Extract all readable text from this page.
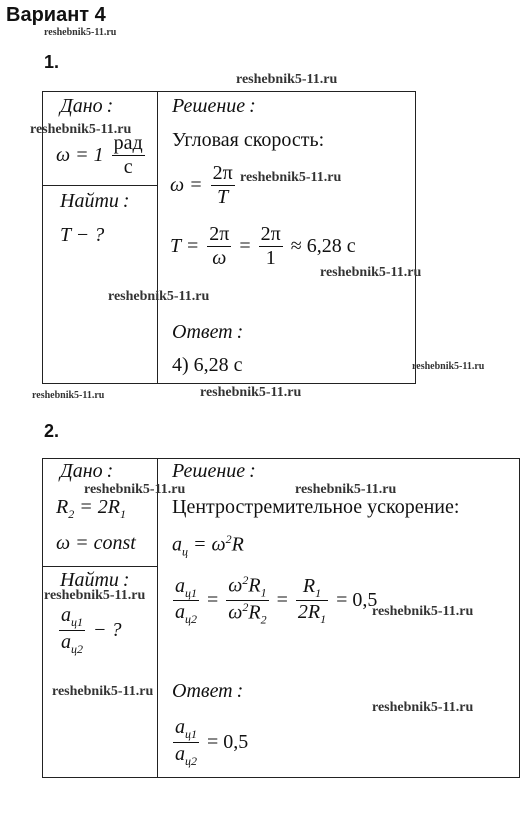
Вариант 4
reshebnik5-11.ru
1.
reshebnik5-11.ru
Дано :
$\omega = 1 \frac{\text{рад}}{с}$
Найти :
T − ?
Решение :
Угловая скорость:
$\omega = \frac{2\pi}{T}$
$T = \frac{2\pi}{\omega} = \frac{2\pi}{1} \approx 6,28$ с
Ответ :
4) 6,28 с
reshebnik5-11.ru
reshebnik5-11.ru
reshebnik5-11.ru
reshebnik5-11.ru
reshebnik5-11.ru
reshebnik5-11.ru	reshebnik5-11.ru
2.
Дано :
$R_2 = 2R_1$
ω = const
Найти :
$\frac{a_{ц1}}{a_{ц2}}$ − ?
Решение :
Центростремительное ускорение:
$a_ц = \omega^2R$
$\frac{a_{ц1}}{a_{ц2}} = \frac{\omega^2R_1}{\omega^2R_2} = \frac{R_1}{2R_1} = 0,5$
Ответ :
$\frac{a_{ц1}}{a_{ц2}} = 0,5$
reshebnik5-11.ru	reshebnik5-11.ru
reshebnik5-11.ru
reshebnik5-11.ru
reshebnik5-11.ru
reshebnik5-11.ru
